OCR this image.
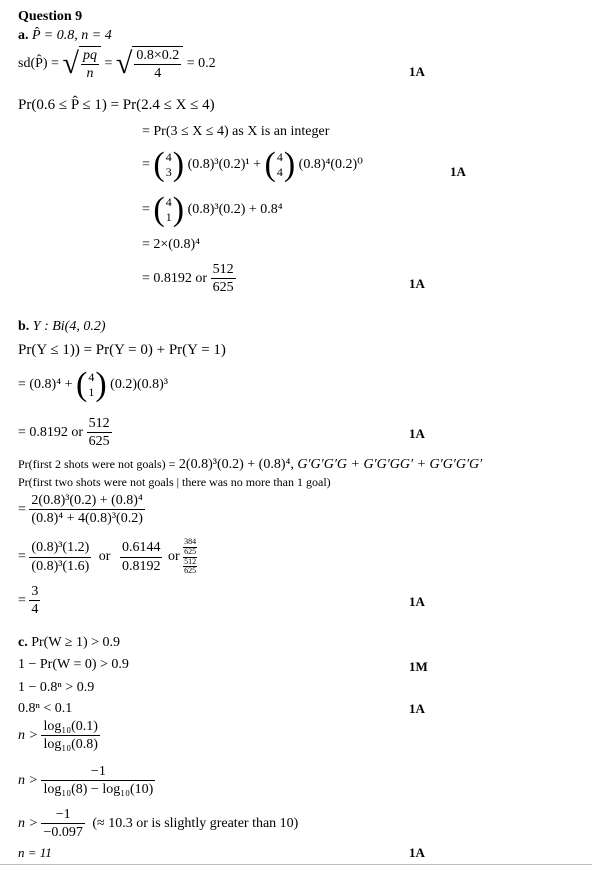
Question 9
a. P̂ = 0.8, n = 4
sd(P̂) = √ $\frac{pq}{n}$ = √ $\frac{0.8\times 0.2}{4} = 0.2$
1A
Pr(0.6 ≤ P̂ ≤ 1) = Pr(2.4 ≤ X ≤ 4)
= Pr(3 ≤ X ≤ 4) as X is an integer
= ( 4
3 ) (0.8)³(0.2)¹ + ( 4
4 ) (0.8)⁴(0.2)⁰	1A
= ( 4
1 ) (0.8)³(0.2) + 0.8⁴
= 2×(0.8)⁴
= 0.8192 or $\frac{512}{625}$	1A
b. Y : Bi(4, 0.2)
Pr(Y ≤ 1)) = Pr(Y = 0) + Pr(Y = 1)
= (0.8)⁴ + ( 4
1 ) (0.2)(0.8)³
= 0.8192 or $\frac{512}{625}$	1A
Pr(first 2 shots were not goals) = 2(0.8)³(0.2) + (0.8)⁴, G′G′G′G + G′G′GG′ + G′G′G′G′
Pr(first two shots were not goals | there was no more than 1 goal)
= $\frac{\text{2(0.8)³(0.2) + (0.8)⁴}}{\text{(0.8)⁴ + 4(0.8)³(0.2)}}$
= $\frac{\text{(0.8)³(1.2)}}{\text{(0.8)³(1.6)}}$ or $\frac{0.6144}{0.8192}$ or $\frac{\frac{384}{625}}{\frac{512}{625}}$
= $\frac{3}{4}$	1A
c. Pr(W ≥ 1) > 0.9
1 − Pr(W = 0) > 0.9	1M
1 − 0.8ⁿ > 0.9
0.8ⁿ < 0.1	1A
$n > \frac{\text{log₁₀(0.1)}}{\text{log₁₀(0.8)}}$
$n > \frac{-1}{\text{log₁₀(8) − log₁₀(10)}}$
$n > \frac{-1}{-0.097}$ (≈ 10.3 or is slightly greater than 10)
n = 11	1A
